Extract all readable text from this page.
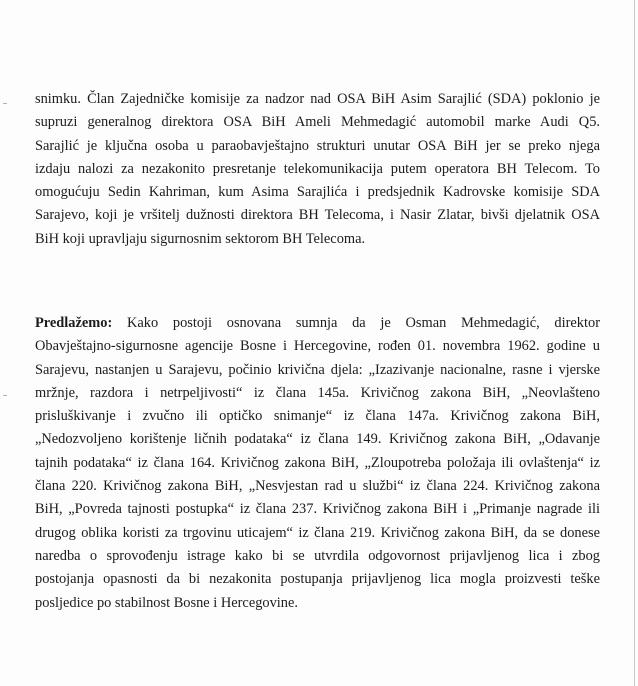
snimku. Član Zajedničke komisije za nadzor nad OSA BiH Asim Sarajlić (SDA) poklonio je
supruzi generalnog direktora OSA BiH Ameli Mehmedagić automobil marke Audi Q5.
Sarajlić je ključna osoba u paraobavještajno strukturi unutar OSA BiH jer se preko njega
izdaju nalozi za nezakonito presretanje telekomunikacija putem operatora BH Telecom. To
omogućuju Sedin Kahriman, kum Asima Sarajlića i predsjednik Kadrovske komisije SDA
Sarajevo, koji je vršitelj dužnosti direktora BH Telecoma, i Nasir Zlatar, bivši djelatnik OSA
BiH koji upravljaju sigurnosnim sektorom BH Telecoma.
Predlažemo: Kako postoji osnovana sumnja da je Osman Mehmedagić, direktor
Obavještajno-sigurnosne agencije Bosne i Hercegovine, rođen 01. novembra 1962. godine u
Sarajevu, nastanjen u Sarajevu, počinio krivična djela: „Izazivanje nacionalne, rasne i vjerske
mržnje, razdora i netrpeljivosti“ iz člana 145a. Krivičnog zakona BiH, „Neovlašteno
prisluškivanje i zvučno ili optičko snimanje“ iz člana 147a. Krivičnog zakona BiH,
„Nedozvoljeno korištenje ličnih podataka“ iz člana 149. Krivičnog zakona BiH, „Odavanje
tajnih podataka“ iz člana 164. Krivičnog zakona BiH, „Zloupotreba položaja ili ovlaštenja“ iz
člana 220. Krivičnog zakona BiH, „Nesvjestan rad u službi“ iz člana 224. Krivičnog zakona
BiH, „Povreda tajnosti postupka“ iz člana 237. Krivičnog zakona BiH i „Primanje nagrade ili
drugog oblika koristi za trgovinu uticajem“ iz člana 219. Krivičnog zakona BiH, da se donese
naredba o sprovođenju istrage kako bi se utvrdila odgovornost prijavljenog lica i zbog
postojanja opasnosti da bi nezakonita postupanja prijavljenog lica mogla proizvesti teške
posljedice po stabilnost Bosne i Hercegovine.
